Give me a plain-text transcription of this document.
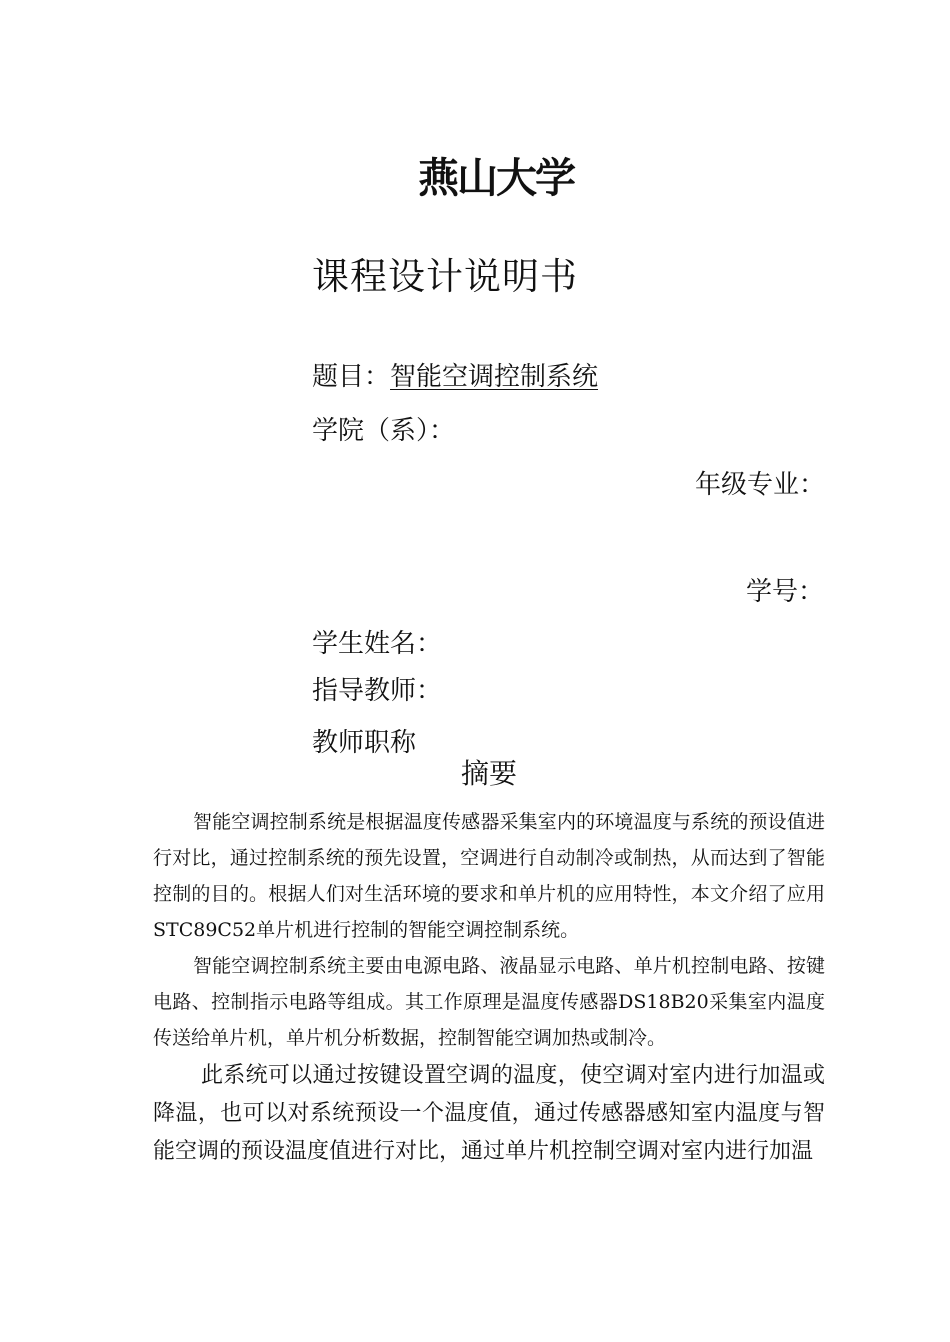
燕山大学
课程设计说明书
题目：智能空调控制系统
学院（系）：
年级专业：
学号：
学生姓名：
指导教师：
教师职称
摘要

智能空调控制系统是根据温度传感器采集室内的环境温度与系统的预设值进行对比，通过控制系统的预先设置，空调进行自动制冷或制热，从而达到了智能控制的目的。根据人们对生活环境的要求和单片机的应用特性，本文介绍了应用STC89C52单片机进行控制的智能空调控制系统。

智能空调控制系统主要由电源电路、液晶显示电路、单片机控制电路、按键电路、控制指示电路等组成。其工作原理是温度传感器DS18B20采集室内温度传送给单片机，单片机分析数据，控制智能空调加热或制冷。

此系统可以通过按键设置空调的温度，使空调对室内进行加温或降温，也可以对系统预设一个温度值，通过传感器感知室内温度与智能空调的预设温度值进行对比，通过单片机控制空调对室内进行加温
